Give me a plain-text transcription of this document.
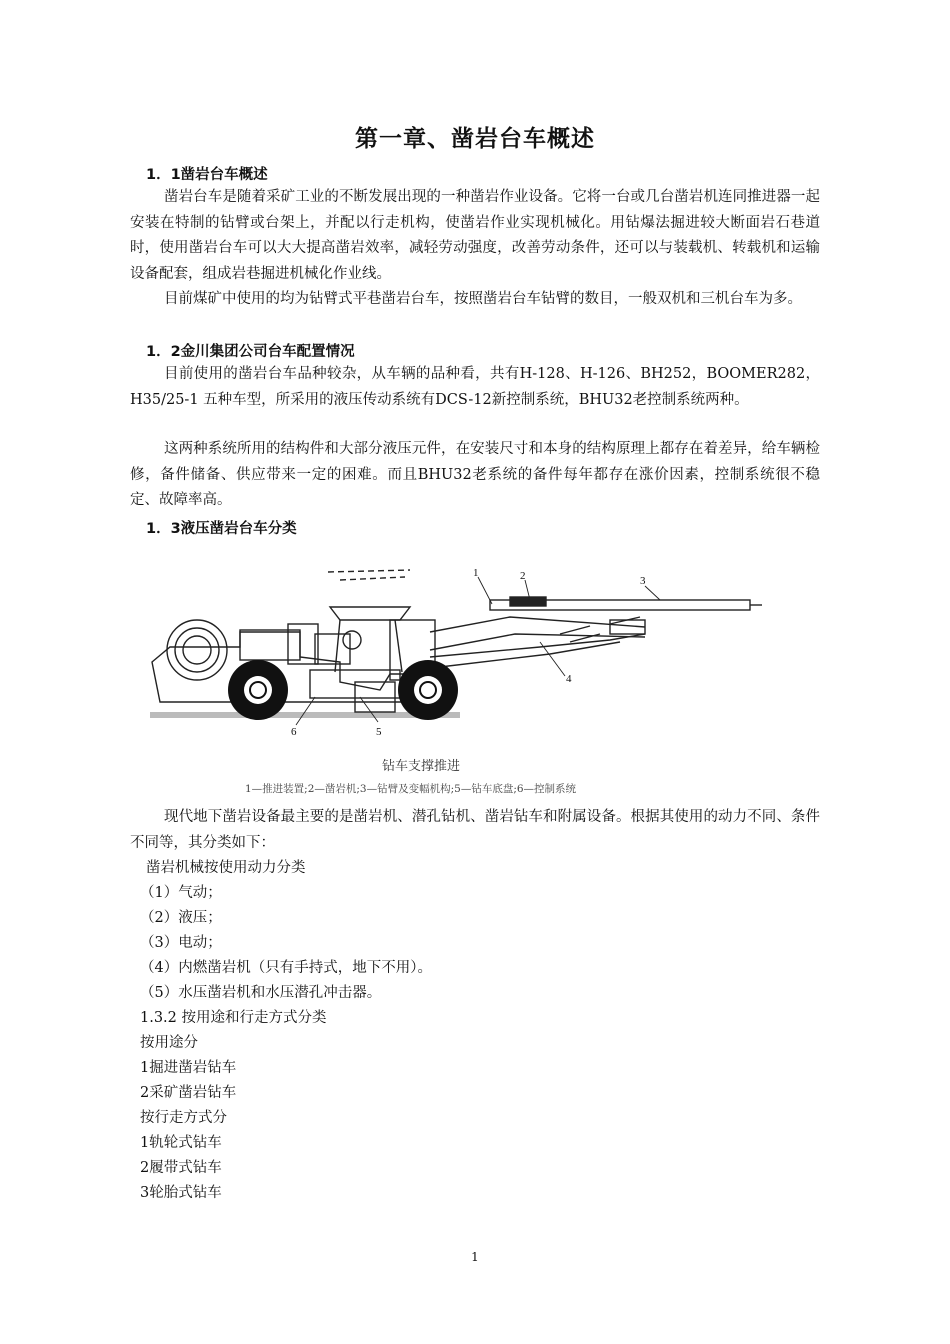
第一章、凿岩台车概述
1．1凿岩台车概述

凿岩台车是随着采矿工业的不断发展出现的一种凿岩作业设备。它将一台或几台凿岩机连同推进器一起安装在特制的钻臂或台架上，并配以行走机构，使凿岩作业实现机械化。用钻爆法掘进较大断面岩石巷道时，使用凿岩台车可以大大提高凿岩效率，减轻劳动强度，改善劳动条件，还可以与装载机、转载机和运输设备配套，组成岩巷掘进机械化作业线。

目前煤矿中使用的均为钻臂式平巷凿岩台车，按照凿岩台车钻臂的数目，一般双机和三机台车为多。

1．2金川集团公司台车配置情况

目前使用的凿岩台车品种较杂，从车辆的品种看，共有H-128、H-126、BH252，BOOMER282，H35/25-1 五种车型，所采用的液压传动系统有DCS-12新控制系统，BHU32老控制系统两种。

这两种系统所用的结构件和大部分液压元件，在安装尺寸和本身的结构原理上都存在着差异，给车辆检修，备件储备、供应带来一定的困难。而且BHU32老系统的备件每年都存在涨价因素，控制系统很不稳定、故障率高。

1．3液压凿岩台车分类
1	2	3
4
5
6
钻车支撑推进
1—推进装置;2—凿岩机;3—钻臂及变幅机构;5—钻车底盘;6—控制系统

现代地下凿岩设备最主要的是凿岩机、潜孔钻机、凿岩钻车和附属设备。根据其使用的动力不同、条件不同等，其分类如下：

凿岩机械按使用动力分类
（1）气动；
（2）液压；
（3）电动；
（4）内燃凿岩机（只有手持式，地下不用）。
（5）水压凿岩机和水压潜孔冲击器。
1.3.2 按用途和行走方式分类
按用途分
1掘进凿岩钻车
2采矿凿岩钻车
按行走方式分
1轨轮式钻车
2履带式钻车
3轮胎式钻车
1
